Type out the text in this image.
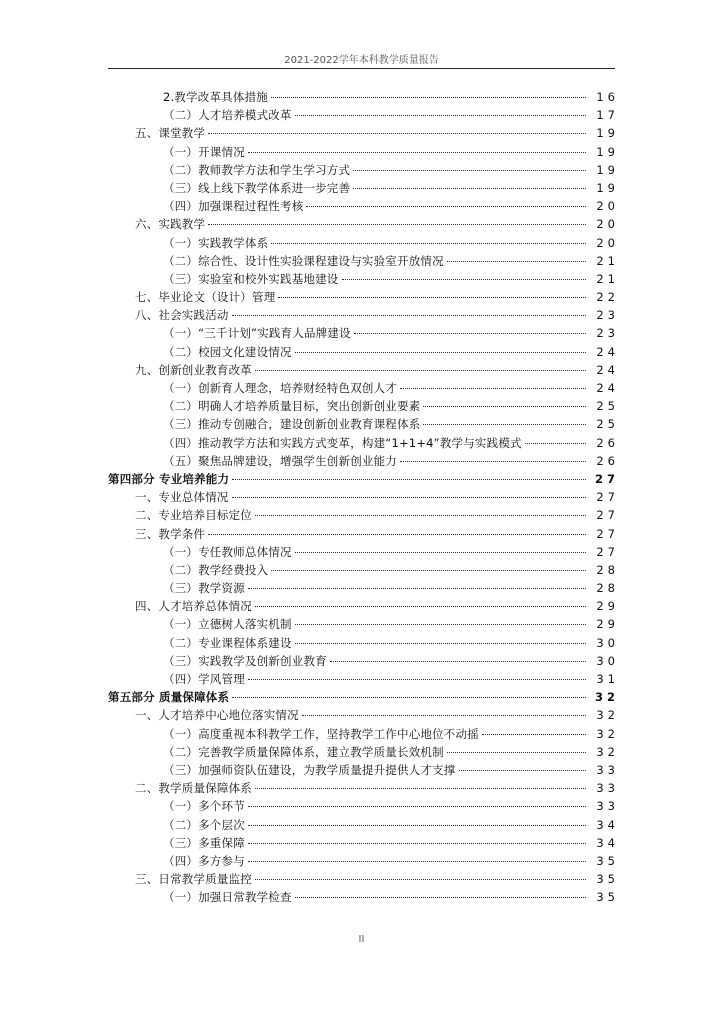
2021-2022学年本科教学质量报告
2.教学改革具体措施	16
（二）人才培养模式改革	17
五、课堂教学	19
（一）开课情况	19
（二）教师教学方法和学生学习方式	19
（三）线上线下教学体系进一步完善	19
（四）加强课程过程性考核	20
六、实践教学	20
（一）实践教学体系	20
（二）综合性、设计性实验课程建设与实验室开放情况	21
（三）实验室和校外实践基地建设	21
七、毕业论文（设计）管理	22
八、社会实践活动	23
（一）“三千计划”实践育人品牌建设	23
（二）校园文化建设情况	24
九、创新创业教育改革	24
（一）创新育人理念，培养财经特色双创人才	24
（二）明确人才培养质量目标，突出创新创业要素	25
（三）推动专创融合，建设创新创业教育课程体系	25
（四）推动教学方法和实践方式变革，构建“1+1+4”教学与实践模式	26
（五）聚焦品牌建设，增强学生创新创业能力	26
第四部分 专业培养能力	27
一、专业总体情况	27
二、专业培养目标定位	27
三、教学条件	27
（一）专任教师总体情况	27
（二）教学经费投入	28
（三）教学资源	28
四、人才培养总体情况	29
（一）立德树人落实机制	29
（二）专业课程体系建设	30
（三）实践教学及创新创业教育	30
（四）学风管理	31
第五部分 质量保障体系	32
一、人才培养中心地位落实情况	32
（一）高度重视本科教学工作，坚持教学工作中心地位不动摇	32
（二）完善教学质量保障体系，建立教学质量长效机制	32
（三）加强师资队伍建设，为教学质量提升提供人才支撑	33
二、教学质量保障体系	33
（一）多个环节	33
（二）多个层次	34
（三）多重保障	34
（四）多方参与	35
三、日常教学质量监控	35
（一）加强日常教学检查	35
II
